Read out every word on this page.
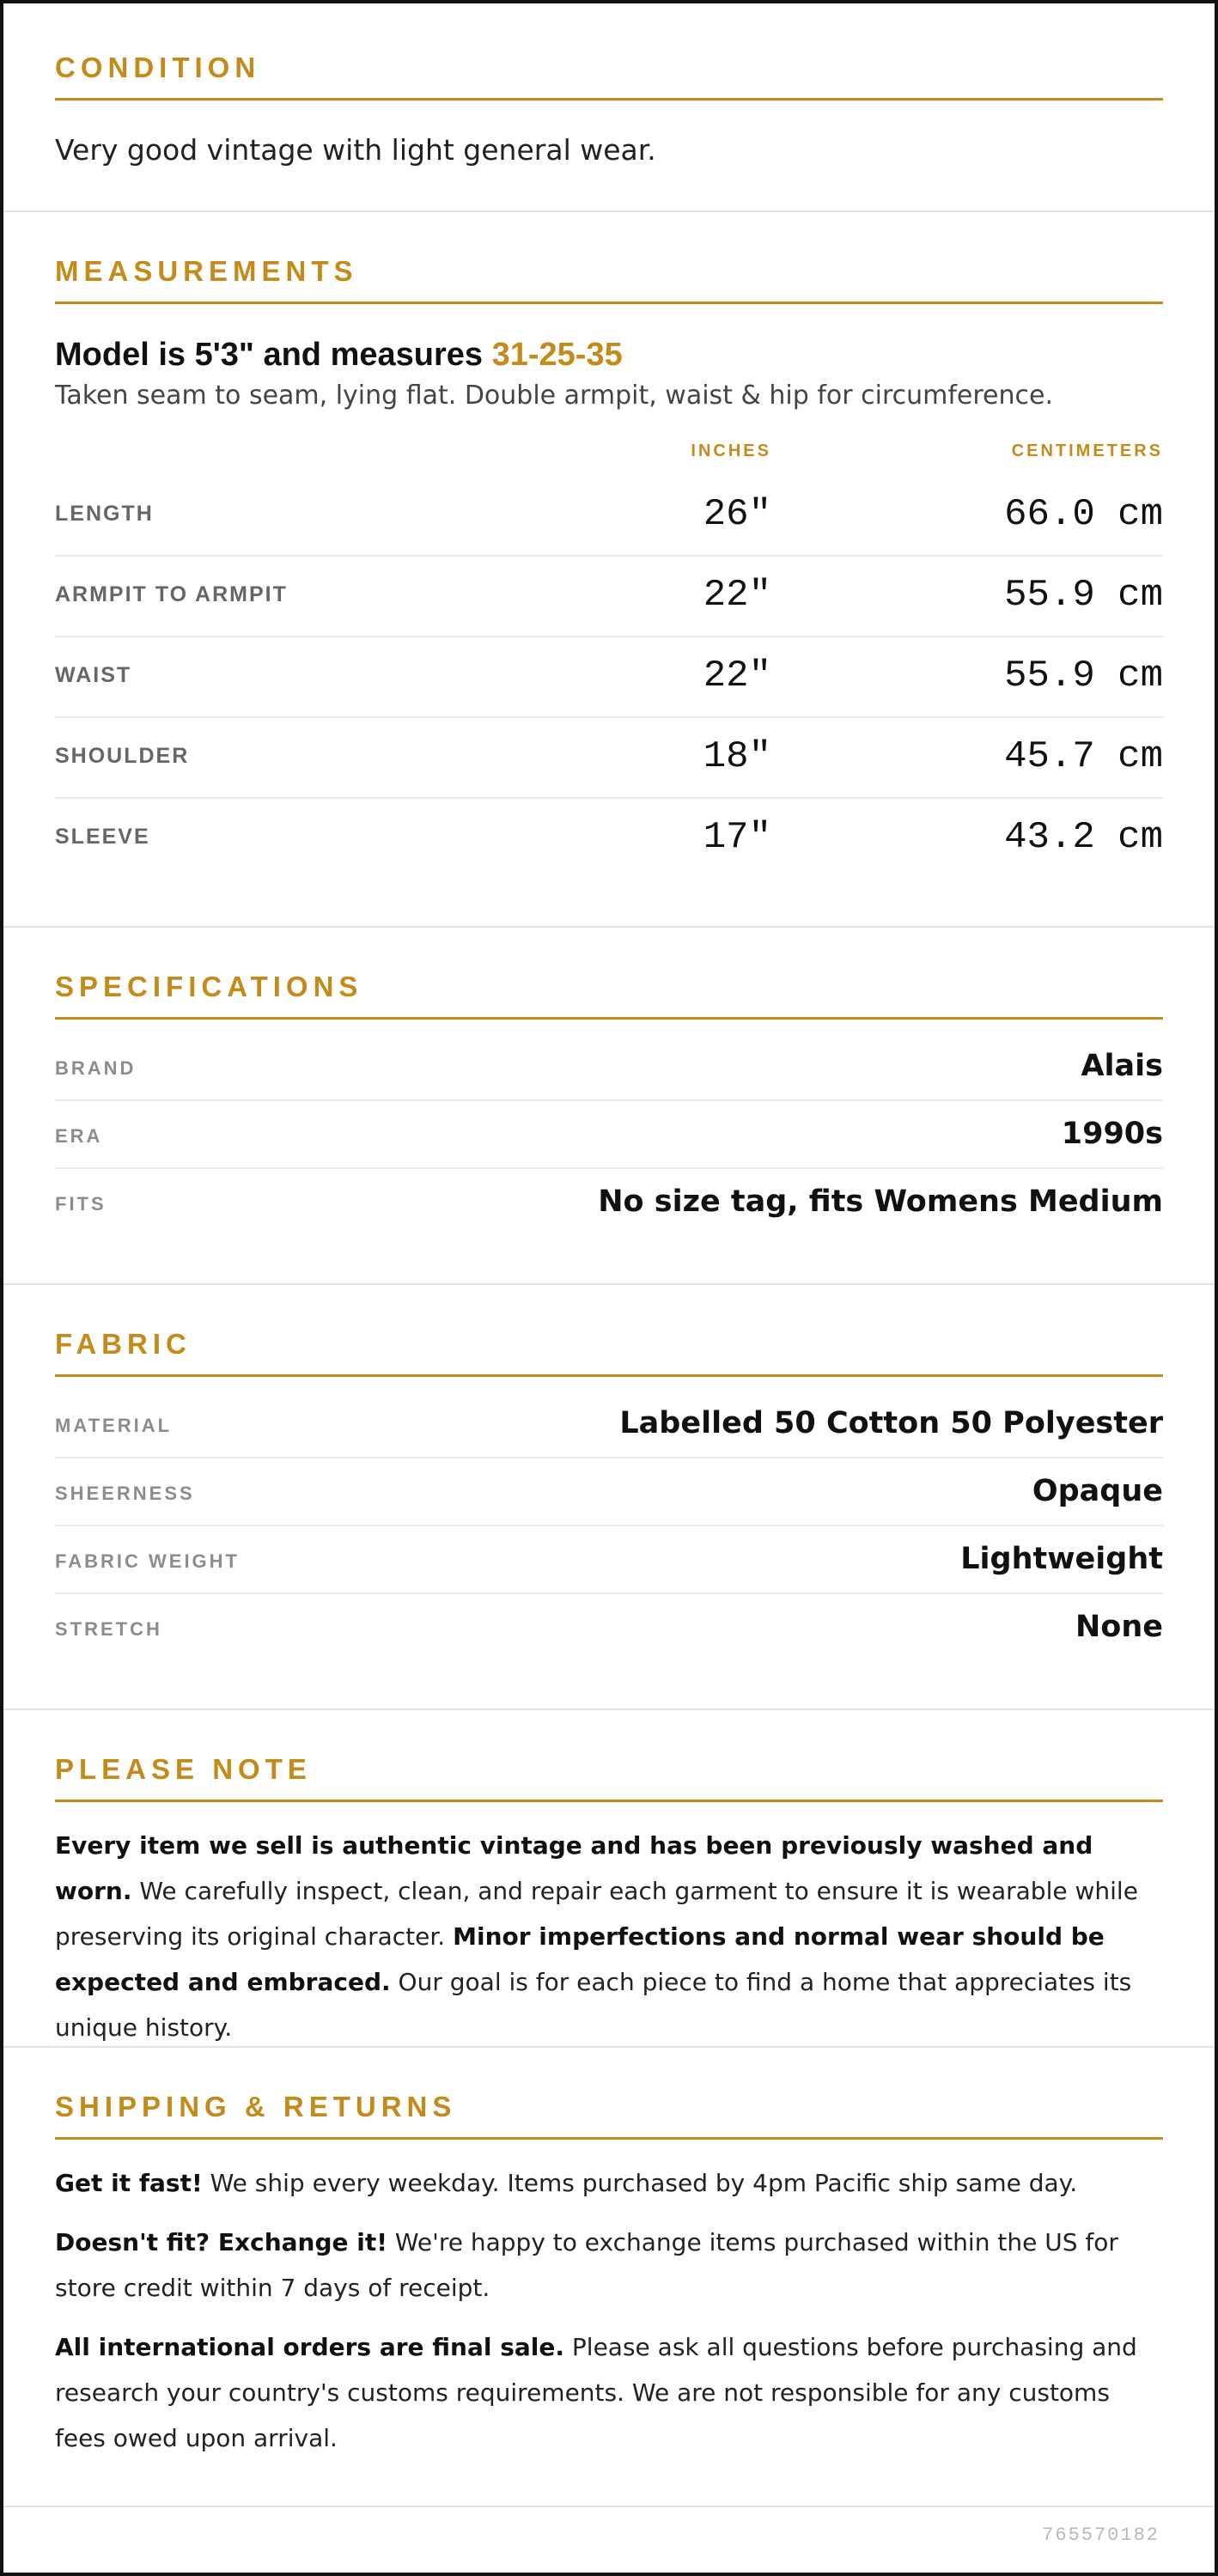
CONDITION

Very good vintage with light general wear.

MEASUREMENTS
Model is 5'3" and measures 31-25-35
Taken seam to seam, lying flat. Double armpit, waist & hip for circumference.
INCHES	CENTIMETERS
LENGTH	26"	66.0 cm
ARMPIT TO ARMPIT	22"	55.9 cm
WAIST	22"	55.9 cm
SHOULDER	18"	45.7 cm
SLEEVE	17"	43.2 cm
SPECIFICATIONS
BRAND	Alais
ERA	1990s
FITS	No size tag, fits Womens Medium
FABRIC
MATERIAL	Labelled 50 Cotton 50 Polyester
SHEERNESS	Opaque
FABRIC WEIGHT	Lightweight
STRETCH	None
PLEASE NOTE

Every item we sell is authentic vintage and has been previously washed and worn. We carefully inspect, clean, and repair each garment to ensure it is wearable while preserving its original character. Minor imperfections and normal wear should be expected and embraced. Our goal is for each piece to find a home that appreciates its unique history.

SHIPPING & RETURNS

Get it fast! We ship every weekday. Items purchased by 4pm Pacific ship same day.

Doesn't fit? Exchange it! We're happy to exchange items purchased within the US for store credit within 7 days of receipt.

All international orders are final sale. Please ask all questions before purchasing and research your country's customs requirements. We are not responsible for any customs fees owed upon arrival.

765570182
